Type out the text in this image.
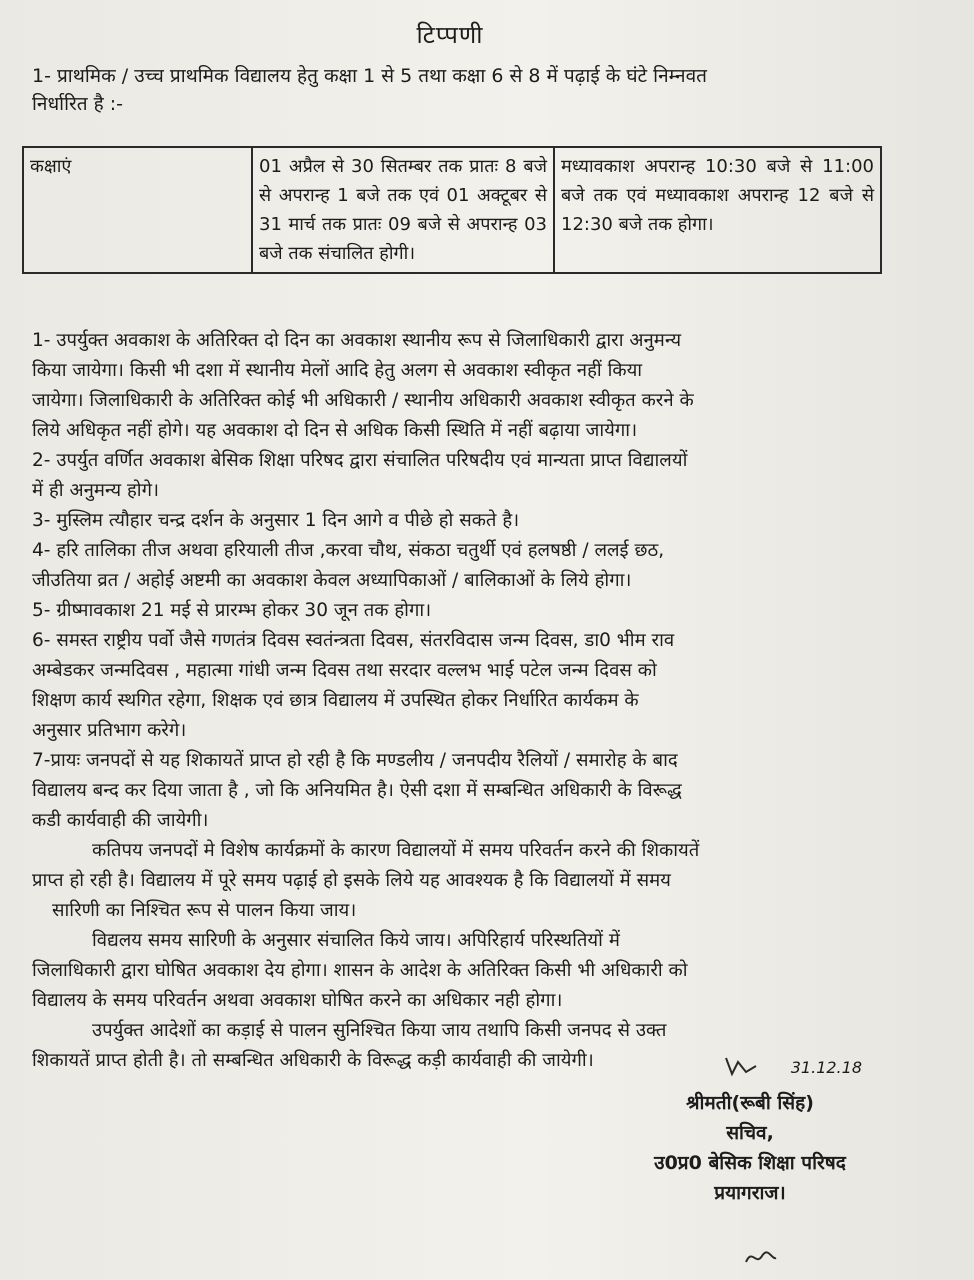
टिप्पणी
1- प्राथमिक / उच्च प्राथमिक विद्यालय हेतु कक्षा 1 से 5 तथा कक्षा 6 से 8 में पढ़ाई के घंटे निम्नवत
निर्धारित है :-
कक्षाएं	01 अप्रैल से 30 सितम्बर तक प्रातः 8 बजे से अपरान्ह 1 बजे तक एवं 01 अक्टूबर से 31 मार्च तक प्रातः 09 बजे से अपरान्ह 03 बजे तक संचालित होगी।	मध्यावकाश अपरान्ह 10:30 बजे से 11:00 बजे तक एवं मध्यावकाश अपरान्ह 12 बजे से 12:30 बजे तक होगा।
1- उपर्युक्त अवकाश के अतिरिक्त दो दिन का अवकाश स्थानीय रूप से जिलाधिकारी द्वारा अनुमन्य
किया जायेगा। किसी भी दशा में स्थानीय मेलों आदि हेतु अलग से अवकाश स्वीकृत नहीं किया
जायेगा। जिलाधिकारी के अतिरिक्त कोई भी अधिकारी / स्थानीय अधिकारी अवकाश स्वीकृत करने के
लिये अधिकृत नहीं होगे। यह अवकाश दो दिन से अधिक किसी स्थिति में नहीं बढ़ाया जायेगा।
2- उपर्युत वर्णित अवकाश बेसिक शिक्षा परिषद द्वारा संचालित परिषदीय एवं मान्यता प्राप्त विद्यालयों
में ही अनुमन्य होगे।
3- मुस्लिम त्यौहार चन्द्र दर्शन के अनुसार 1 दिन आगे व पीछे हो सकते है।
4- हरि तालिका तीज अथवा हरियाली तीज ,करवा चौथ, संकठा चतुर्थी एवं हलषष्ठी / ललई छठ,
जीउतिया व्रत / अहोई अष्टमी का अवकाश केवल अध्यापिकाओं / बालिकाओं के लिये होगा।
5- ग्रीष्मावकाश 21 मई से प्रारम्भ होकर 30 जून तक होगा।
6- समस्त राष्ट्रीय पर्वो जैसे गणतंत्र दिवस स्वतंन्त्रता दिवस, संतरविदास जन्म दिवस, डा0 भीम राव
अम्बेडकर जन्मदिवस , महात्मा गांधी जन्म दिवस तथा सरदार वल्लभ भाई पटेल जन्म दिवस को
शिक्षण कार्य स्थगित रहेगा, शिक्षक एवं छात्र विद्यालय में उपस्थित होकर निर्धारित कार्यकम के
अनुसार प्रतिभाग करेगे।
7-प्रायः जनपदों से यह शिकायतें प्राप्त हो रही है कि मण्डलीय / जनपदीय रैलियों / समारोह के बाद
विद्यालय बन्द कर दिया जाता है , जो कि अनियमित है। ऐसी दशा में सम्बन्धित अधिकारी के विरूद्ध
कडी कार्यवाही की जायेगी।
कतिपय जनपदों मे विशेष कार्यक्रमों के कारण विद्यालयों में समय परिवर्तन करने की शिकायतें
प्राप्त हो रही है। विद्यालय में पूरे समय पढ़ाई हो इसके लिये यह आवश्यक है कि विद्यालयों में समय
सारिणी का निश्चित रूप से पालन किया जाय।
विद्यलय समय सारिणी के अनुसार संचालित किये जाय। अपिरिहार्य परिस्थतियों में
जिलाधिकारी द्वारा घोषित अवकाश देय होगा। शासन के आदेश के अतिरिक्त किसी भी अधिकारी को
विद्यालय के समय परिवर्तन अथवा अवकाश घोषित करने का अधिकार नही होगा।
उपर्युक्त आदेशों का कड़ाई से पालन सुनिश्चित किया जाय तथापि किसी जनपद से उक्त
शिकायतें प्राप्त होती है। तो सम्बन्धित अधिकारी के विरूद्ध कड़ी कार्यवाही की जायेगी।	31.12.18
श्रीमती(रूबी सिंह)
सचिव,
उ0प्र0 बेसिक शिक्षा परिषद
प्रयागराज।
